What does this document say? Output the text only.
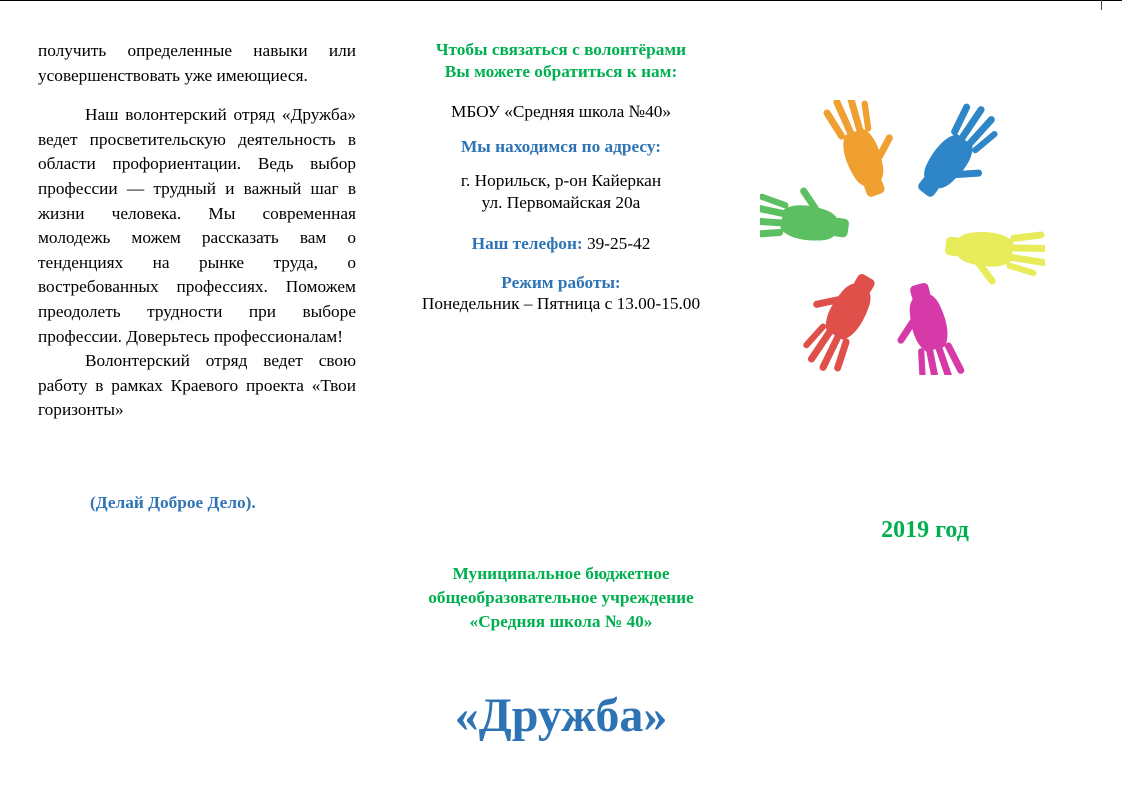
получить определенные навыки или усовершенствовать уже имеющиеся.

Наш волонтерский отряд «Дружба» ведет просветительскую деятельность в области профориентации. Ведь выбор профессии — трудный и важный шаг в жизни человека. Мы современная молодежь можем рассказать вам о тенденциях на рынке труда, о востребованных профессиях. Поможем преодолеть трудности при выборе профессии. Доверьтесь профессионалам!

Волонтерский отряд ведет свою работу в рамках Краевого проекта «Твои горизонты»

(Делай Доброе Дело).
Чтобы связаться с волонтёрами
Вы можете обратиться к нам:
МБОУ «Средняя школа №40»
Мы находимся по адресу:
г. Норильск, р-он Кайеркан
ул. Первомайская 20а
Наш телефон: 39-25-42
Режим работы:
Понедельник – Пятница с 13.00-15.00
Муниципальное бюджетное
общеобразовательное учреждение
«Средняя школа № 40»
«Дружба»
2019 год
